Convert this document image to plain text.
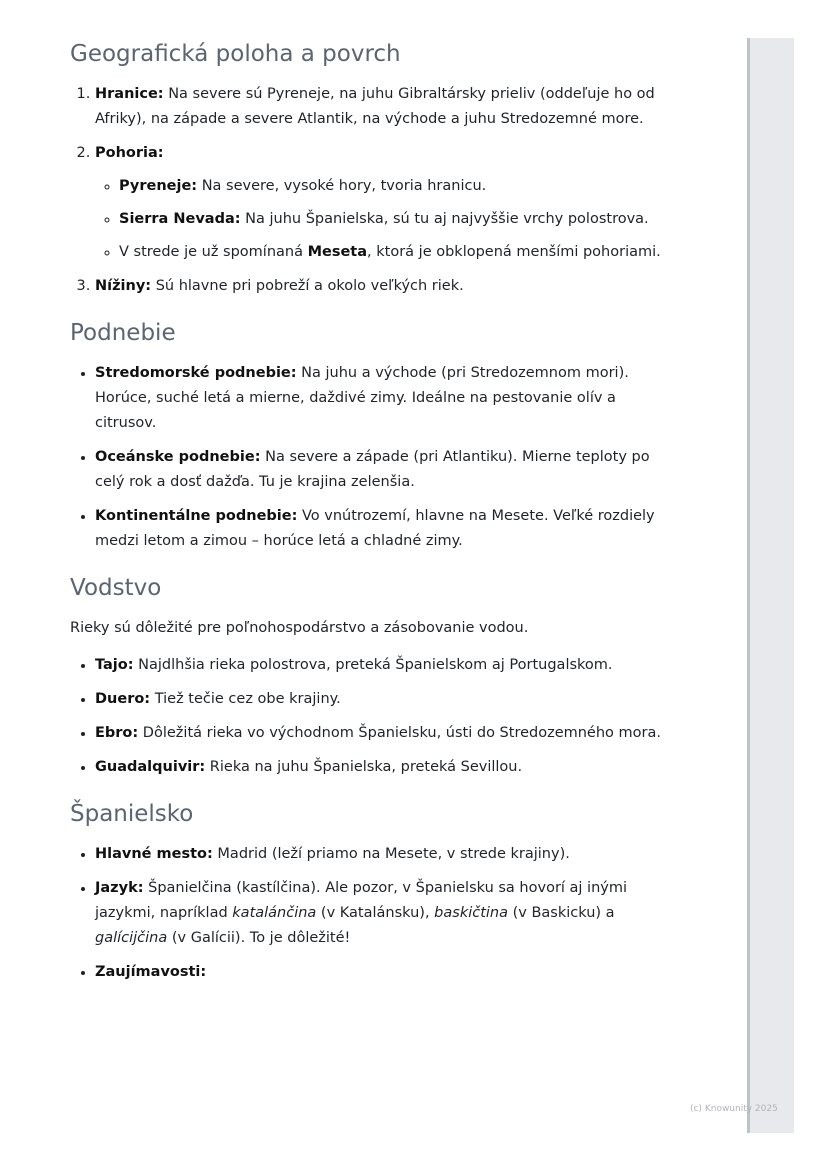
Geografická poloha a povrch
1. Hranice: Na severe sú Pyreneje, na juhu Gibraltársky prieliv (oddeľuje ho od Afriky), na západe a severe Atlantik, na východe a juhu Stredozemné more.
2. Pohoria:
◦ Pyreneje: Na severe, vysoké hory, tvoria hranicu.
◦ Sierra Nevada: Na juhu Španielska, sú tu aj najvyššie vrchy polostrova.
◦ V strede je už spomínaná Meseta, ktorá je obklopená menšími pohoriami.
3. Nížiny: Sú hlavne pri pobreží a okolo veľkých riek.
Podnebie
• Stredomorské podnebie: Na juhu a východe (pri Stredozemnom mori). Horúce, suché letá a mierne, daždivé zimy. Ideálne na pestovanie olív a citrusov.
• Oceánske podnebie: Na severe a západe (pri Atlantiku). Mierne teploty po celý rok a dosť dažďa. Tu je krajina zelenšia.
• Kontinentálne podnebie: Vo vnútrozemí, hlavne na Mesete. Veľké rozdiely medzi letom a zimou – horúce letá a chladné zimy.
Vodstvo

Rieky sú dôležité pre poľnohospodárstvo a zásobovanie vodou.

• Tajo: Najdlhšia rieka polostrova, preteká Španielskom aj Portugalskom.
• Duero: Tiež tečie cez obe krajiny.
• Ebro: Dôležitá rieka vo východnom Španielsku, ústi do Stredozemného mora.
• Guadalquivir: Rieka na juhu Španielska, preteká Sevillou.
Španielsko
• Hlavné mesto: Madrid (leží priamo na Mesete, v strede krajiny).
• Jazyk: Španielčina (kastílčina). Ale pozor, v Španielsku sa hovorí aj inými jazykmi, napríklad katalánčina (v Katalánsku), baskičtina (v Baskicku) a galícijčina (v Galícii). To je dôležité!
• Zaujímavosti:
(c) Knowunity 2025
